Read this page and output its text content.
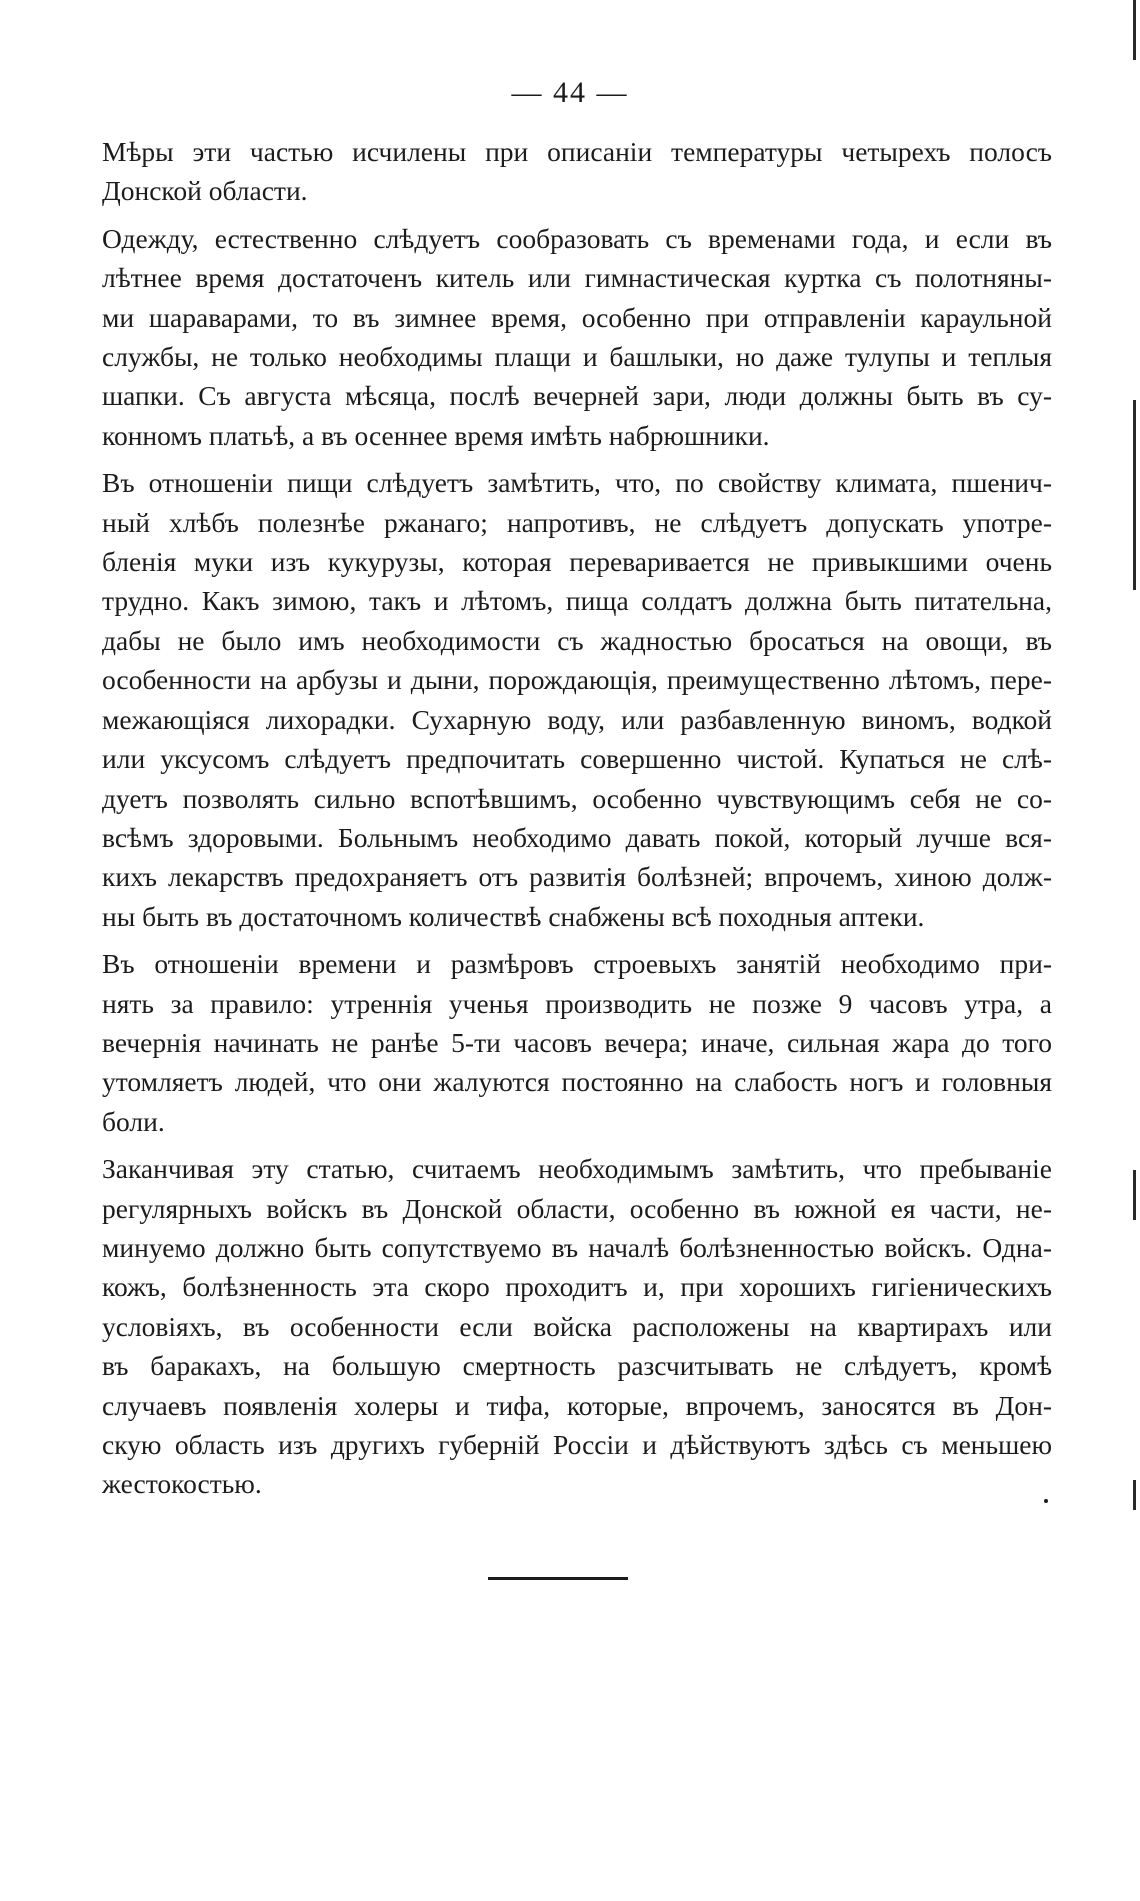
— 44 —
Мѣры эти частью исчилены при описаніи температуры четырехъ полосъ
Донской области.
Одежду, естественно слѣдуетъ сообразовать съ временами года, и если въ
лѣтнее время достаточенъ китель или гимнастическая куртка съ полотняны-
ми шараварами, то въ зимнее время, особенно при отправленіи караульной
службы, не только необходимы плащи и башлыки, но даже тулупы и теплыя
шапки. Съ августа мѣсяца, послѣ вечерней зари, люди должны быть въ су-
конномъ платьѣ, а въ осеннее время имѣть набрюшники.
Въ отношеніи пищи слѣдуетъ замѣтить, что, по свойству климата, пшенич-
ный хлѣбъ полезнѣе ржанаго; напротивъ, не слѣдуетъ допускать употре-
бленія муки изъ кукурузы, которая переваривается не привыкшими очень
трудно. Какъ зимою, такъ и лѣтомъ, пища солдатъ должна быть питательна,
дабы не было имъ необходимости съ жадностью бросаться на овощи, въ
особенности на арбузы и дыни, порождающія, преимущественно лѣтомъ, пере-
межающіяся лихорадки. Сухарную воду, или разбавленную виномъ, водкой
или уксусомъ слѣдуетъ предпочитать совершенно чистой. Купаться не слѣ-
дуетъ позволять сильно вспотѣвшимъ, особенно чувствующимъ себя не со-
всѣмъ здоровыми. Больнымъ необходимо давать покой, который лучше вся-
кихъ лекарствъ предохраняетъ отъ развитія болѣзней; впрочемъ, хиною долж-
ны быть въ достаточномъ количествѣ снабжены всѣ походныя аптеки.
Въ отношеніи времени и размѣровъ строевыхъ занятій необходимо при-
нять за правило: утреннія ученья производить не позже 9 часовъ утра, а
вечернія начинать не ранѣе 5-ти часовъ вечера; иначе, сильная жара до того
утомляетъ людей, что они жалуются постоянно на слабость ногъ и головныя
боли.
Заканчивая эту статью, считаемъ необходимымъ замѣтить, что пребываніе
регулярныхъ войскъ въ Донской области, особенно въ южной ея части, не-
минуемо должно быть сопутствуемо въ началѣ болѣзненностью войскъ. Одна-
кожъ, болѣзненность эта скоро проходитъ и, при хорошихъ гигіеническихъ
условіяхъ, въ особенности если войска расположены на квартирахъ или
въ баракахъ, на большую смертность разсчитывать не слѣдуетъ, кромѣ
случаевъ появленія холеры и тифа, которые, впрочемъ, заносятся въ Дон-
скую область изъ другихъ губерній Россіи и дѣйствуютъ здѣсь съ меньшею
жестокостью.
